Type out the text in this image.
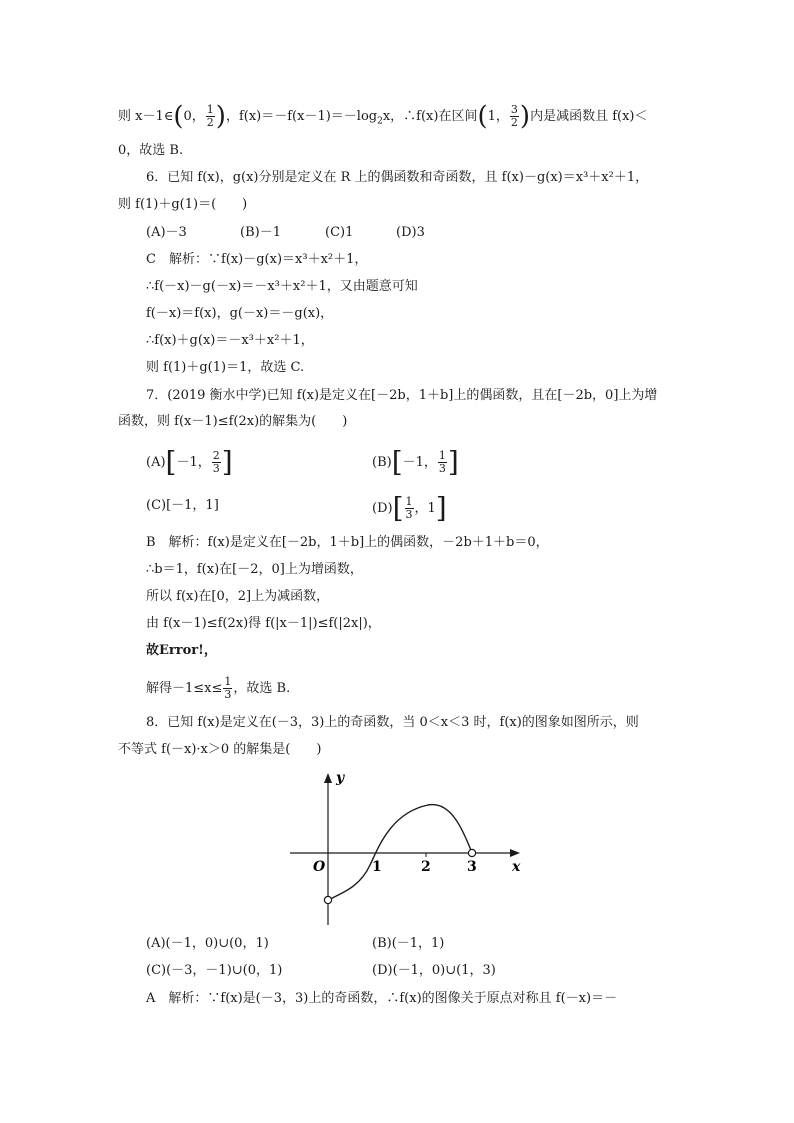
则 x－1∈(0， $\frac{1}{2}$ )，$f(x)=-f(x-1)=-\log_2x$，∴f(x)在区间(1， $\frac{3}{2}$ )内是减函数且 f(x)＜
0，故选 B.
6．已知 f(x)，g(x)分别是定义在 R 上的偶函数和奇函数，且 f(x)－g(x)＝x³＋x²＋1，
则 f(1)＋g(1)＝(　　)
(A)－3	(B)－1	(C)1	(D)3
C　解析：∵f(x)－g(x)＝x³＋x²＋1，
∴f(－x)－g(－x)＝－x³＋x²＋1，又由题意可知
f(－x)＝f(x)，g(－x)＝－g(x)，
∴f(x)＋g(x)＝－x³＋x²＋1，
则 f(1)＋g(1)＝1，故选 C.
7．(2019 衡水中学)已知 f(x)是定义在[－2b，1＋b]上的偶函数，且在[－2b，0]上为增
函数，则 f(x－1)≤f(2x)的解集为(　　)
(A)[－1， $\frac{2}{3}$ ]	(B)[－1， $\frac{1}{3}$ ]
(C)[－1，1]	$(D)[ \frac{1}{3}$ ，1]
B　解析：f(x)是定义在[－2b，1＋b]上的偶函数，－2b＋1＋b＝0，
∴b＝1，f(x)在[－2，0]上为增函数，
所以 f(x)在[0，2]上为减函数，
由 f(x－1)≤f(2x)得 f(|x－1|)≤f(|2x|)，
故Error!，
解得$-1\le x\le \frac{1}{3}$ ，故选 B.
8．已知 f(x)是定义在(－3，3)上的奇函数，当 0＜x＜3 时，f(x)的图象如图所示，则
不等式 f(－x)·x＞0 的解集是(　　)
y
x
O	1	2	3
(A)(－1，0)∪(0，1)	(B)(－1，1)
(C)(－3，－1)∪(0，1)	(D)(－1，0)∪(1，3)
A　解析：∵f(x)是(－3，3)上的奇函数，∴f(x)的图像关于原点对称且 f(－x)＝－
